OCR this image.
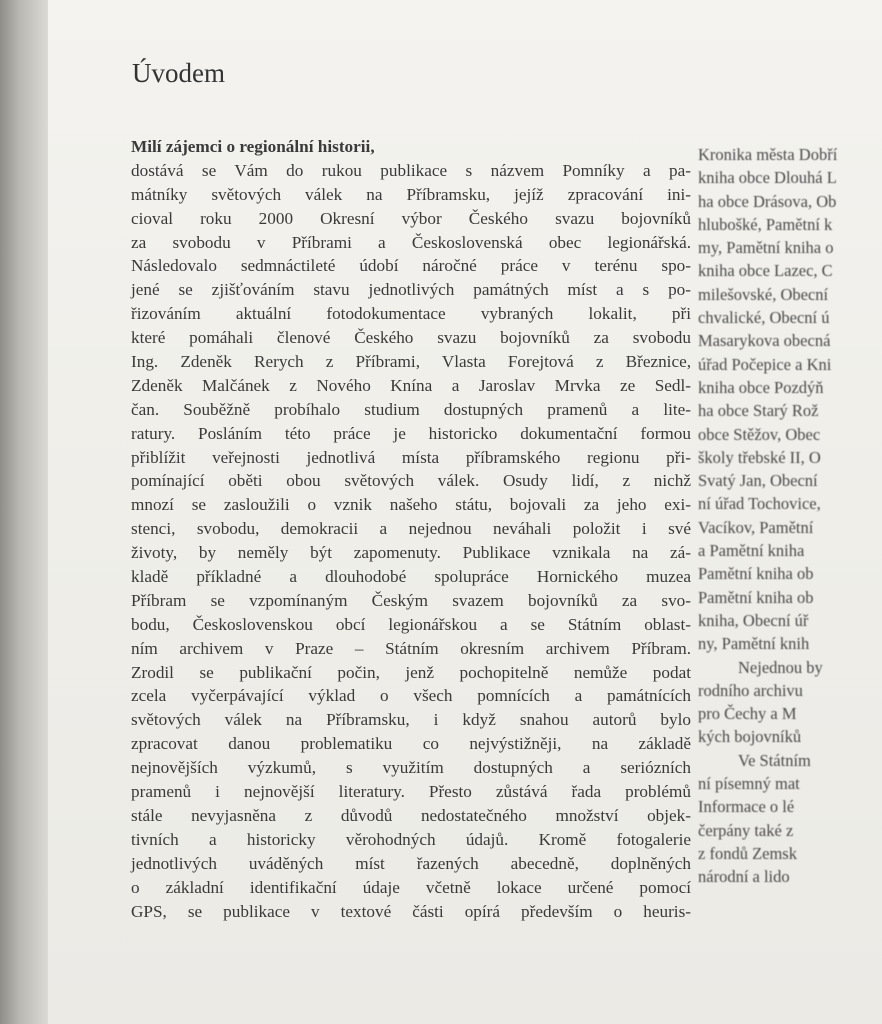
Úvodem
Milí zájemci o regionální historii,
dostává se Vám do rukou publikace s názvem Pomníky a pa-
mátníky světových válek na Příbramsku, jejíž zpracování ini-
cioval roku 2000 Okresní výbor Českého svazu bojovníků
za svobodu v Příbrami a Československá obec legionářská.
Následovalo sedmnáctileté údobí náročné práce v terénu spo-
jené se zjišťováním stavu jednotlivých památných míst a s po-
řizováním aktuální fotodokumentace vybraných lokalit, při
které pomáhali členové Českého svazu bojovníků za svobodu
Ing. Zdeněk Rerych z Příbrami, Vlasta Forejtová z Březnice,
Zdeněk Malčánek z Nového Knína a Jaroslav Mrvka ze Sedl-
čan. Souběžně probíhalo studium dostupných pramenů a lite-
ratury. Posláním této práce je historicko dokumentační formou
přiblížit veřejnosti jednotlivá místa příbramského regionu při-
pomínající oběti obou světových válek. Osudy lidí, z nichž
mnozí se zasloužili o vznik našeho státu, bojovali za jeho exi-
stenci, svobodu, demokracii a nejednou neváhali položit i své
životy, by neměly být zapomenuty. Publikace vznikala na zá-
kladě příkladné a dlouhodobé spolupráce Hornického muzea
Příbram se vzpomínaným Českým svazem bojovníků za svo-
bodu, Československou obcí legionářskou a se Státním oblast-
ním archivem v Praze – Státním okresním archivem Příbram.
Zrodil se publikační počin, jenž pochopitelně nemůže podat
zcela vyčerpávající výklad o všech pomnících a památnících
světových válek na Příbramsku, i když snahou autorů bylo
zpracovat danou problematiku co nejvýstižněji, na základě
nejnovějších výzkumů, s využitím dostupných a seriózních
pramenů i nejnovější literatury. Přesto zůstává řada problémů
stále nevyjasněna z důvodů nedostatečného množství objek-
tivních a historicky věrohodných údajů. Kromě fotogalerie
jednotlivých uváděných míst řazených abecedně, doplněných
o základní identifikační údaje včetně lokace určené pomocí
GPS, se publikace v textové části opírá především o heuris-
Kronika města Dobří
kniha obce Dlouhá L
ha obce Drásova, Ob
hlubošké, Pamětní k
my, Pamětní kniha o
kniha obce Lazec, C
milešovské, Obecní
chvalické, Obecní ú
Masarykova obecná
úřad Počepice a Kni
kniha obce Pozdýň
ha obce Starý Rož
obce Stěžov, Obec
školy třebské II, O
Svatý Jan, Obecní
ní úřad Tochovice,
Vacíkov, Pamětní
a Pamětní kniha
Pamětní kniha ob
Pamětní kniha ob
kniha, Obecní úř
ny, Pamětní knih
Nejednou by
rodního archivu
pro Čechy a M
kých bojovníků
Ve Státním
ní písemný mat
Informace o lé
čerpány také z
z fondů Zemsk
národní a lido
